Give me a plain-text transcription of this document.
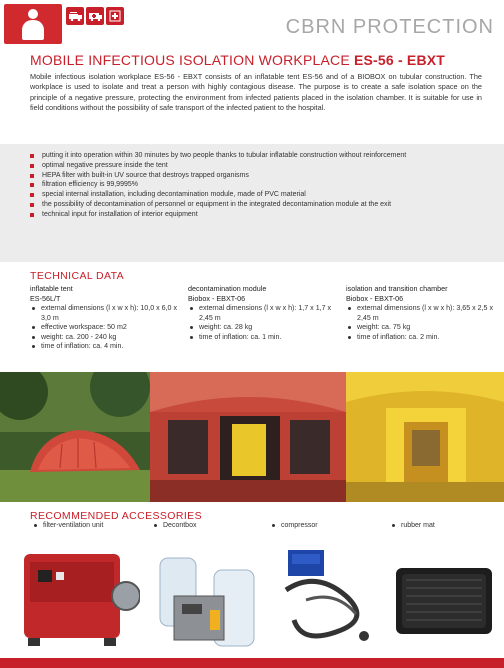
CBRN PROTECTION
MOBILE INFECTIOUS ISOLATION WORKPLACE ES-56 - EBXT

Mobile infectious isolation workplace ES-56 - EBXT consists of an inflatable tent ES-56 and of a BIOBOX on tubular construction. The workplace is used to isolate and treat a person with highly contagious disease. The purpose is to create a safe isolation space on the principle of a negative pressure, protecting the environment from infected patients placed in the isolation chamber. It is suitable for use in field conditions without the possibility of safe transport of the infected patient to the hospital.

putting it into operation within 30 minutes by two people thanks to tubular inflatable construction without reinforcement
optimal negative pressure inside the tent
HEPA filter with built-in UV source that destroys trapped organisms
filtration efficiency is 99,9995%
special internal installation, including decontamination module, made of PVC material
the possibility of decontamination of personnel or equipment in the integrated decontamination module at the exit
technical input for installation of interior equipment
TECHNICAL DATA
inflatable tent
ES-56L/T
external dimensions (l x w x h): 10,0 x 6,0 x 3,0 m
effective workspace: 50 m2
weight: ca. 200 - 240 kg
time of inflation: ca. 4 min.
decontamination module
Biobox - EBXT-06
external dimensions (l x w x h): 1,7 x 1,7 x 2,45 m
weight: ca. 28 kg
time of inflation: ca. 1 min.
isolation and transition chamber
Biobox - EBXT-06
external dimensions (l x w x h): 3,65 x 2,5 x 2,45 m
weight: ca. 75 kg
time of inflation: ca. 2 min.
RECOMMENDED ACCESSORIES
filter-ventilation unit	Decontbox	compressor	rubber mat
